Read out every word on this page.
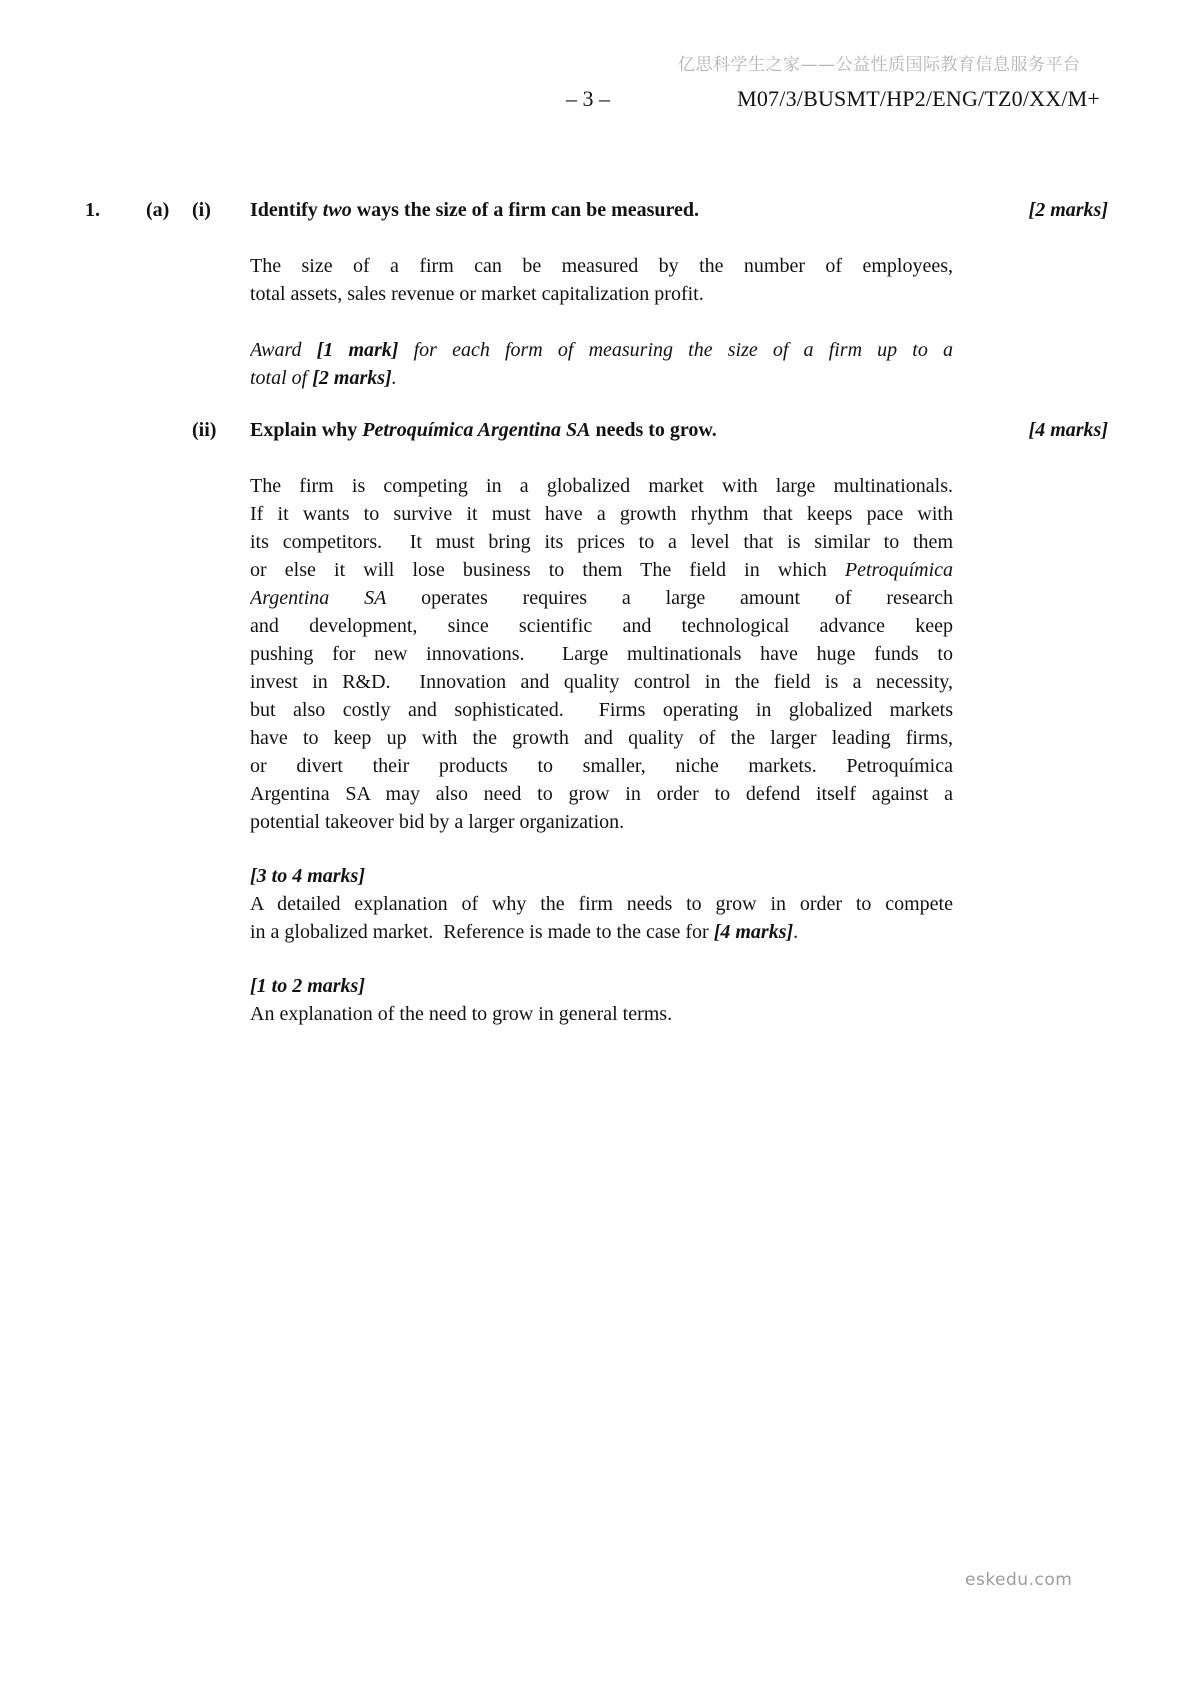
亿思科学生之家——公益性质国际教育信息服务平台
– 3 –	M07/3/BUSMT/HP2/ENG/TZ0/XX/M+
1. (a) (i) Identify two ways the size of a firm can be measured.	[2 marks]
The size of a firm can be measured by the number of employees,
total assets, sales revenue or market capitalization profit.
Award [1 mark] for each form of measuring the size of a firm up to a
total of [2 marks].
(ii) Explain why Petroquímica Argentina SA needs to grow.	[4 marks]
The firm is competing in a globalized market with large multinationals.
If it wants to survive it must have a growth rhythm that keeps pace with
its competitors.  It must bring its prices to a level that is similar to them
or else it will lose business to them The field in which Petroquímica
Argentina SA operates requires a large amount of research
and development, since scientific and technological advance keep
pushing for new innovations.  Large multinationals have huge funds to
invest in R&D.  Innovation and quality control in the field is a necessity,
but also costly and sophisticated.  Firms operating in globalized markets
have to keep up with the growth and quality of the larger leading firms,
or divert their products to smaller, niche markets. Petroquímica
Argentina SA may also need to grow in order to defend itself against a
potential takeover bid by a larger organization.
[3 to 4 marks]
A detailed explanation of why the firm needs to grow in order to compete
in a globalized market.  Reference is made to the case for [4 marks].
[1 to 2 marks]
An explanation of the need to grow in general terms.
eskedu.com
